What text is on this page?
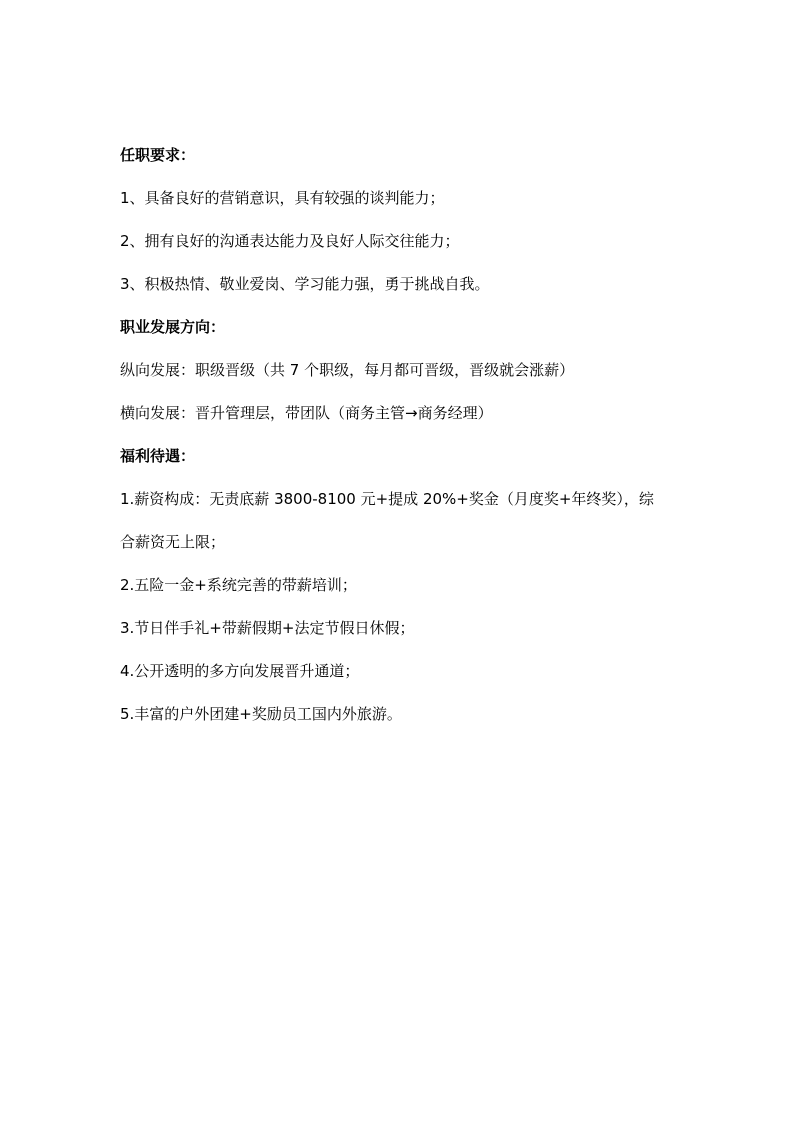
任职要求：
1、具备良好的营销意识，具有较强的谈判能力；
2、拥有良好的沟通表达能力及良好人际交往能力；
3、积极热情、敬业爱岗、学习能力强，勇于挑战自我。
职业发展方向：
纵向发展：职级晋级（共 7 个职级，每月都可晋级，晋级就会涨薪）
横向发展：晋升管理层，带团队（商务主管→商务经理）
福利待遇：
1.薪资构成：无责底薪 3800-8100 元+提成 20%+奖金（月度奖+年终奖），综
合薪资无上限；
2.五险一金+系统完善的带薪培训；
3.节日伴手礼+带薪假期+法定节假日休假；
4.公开透明的多方向发展晋升通道；
5.丰富的户外团建+奖励员工国内外旅游。
